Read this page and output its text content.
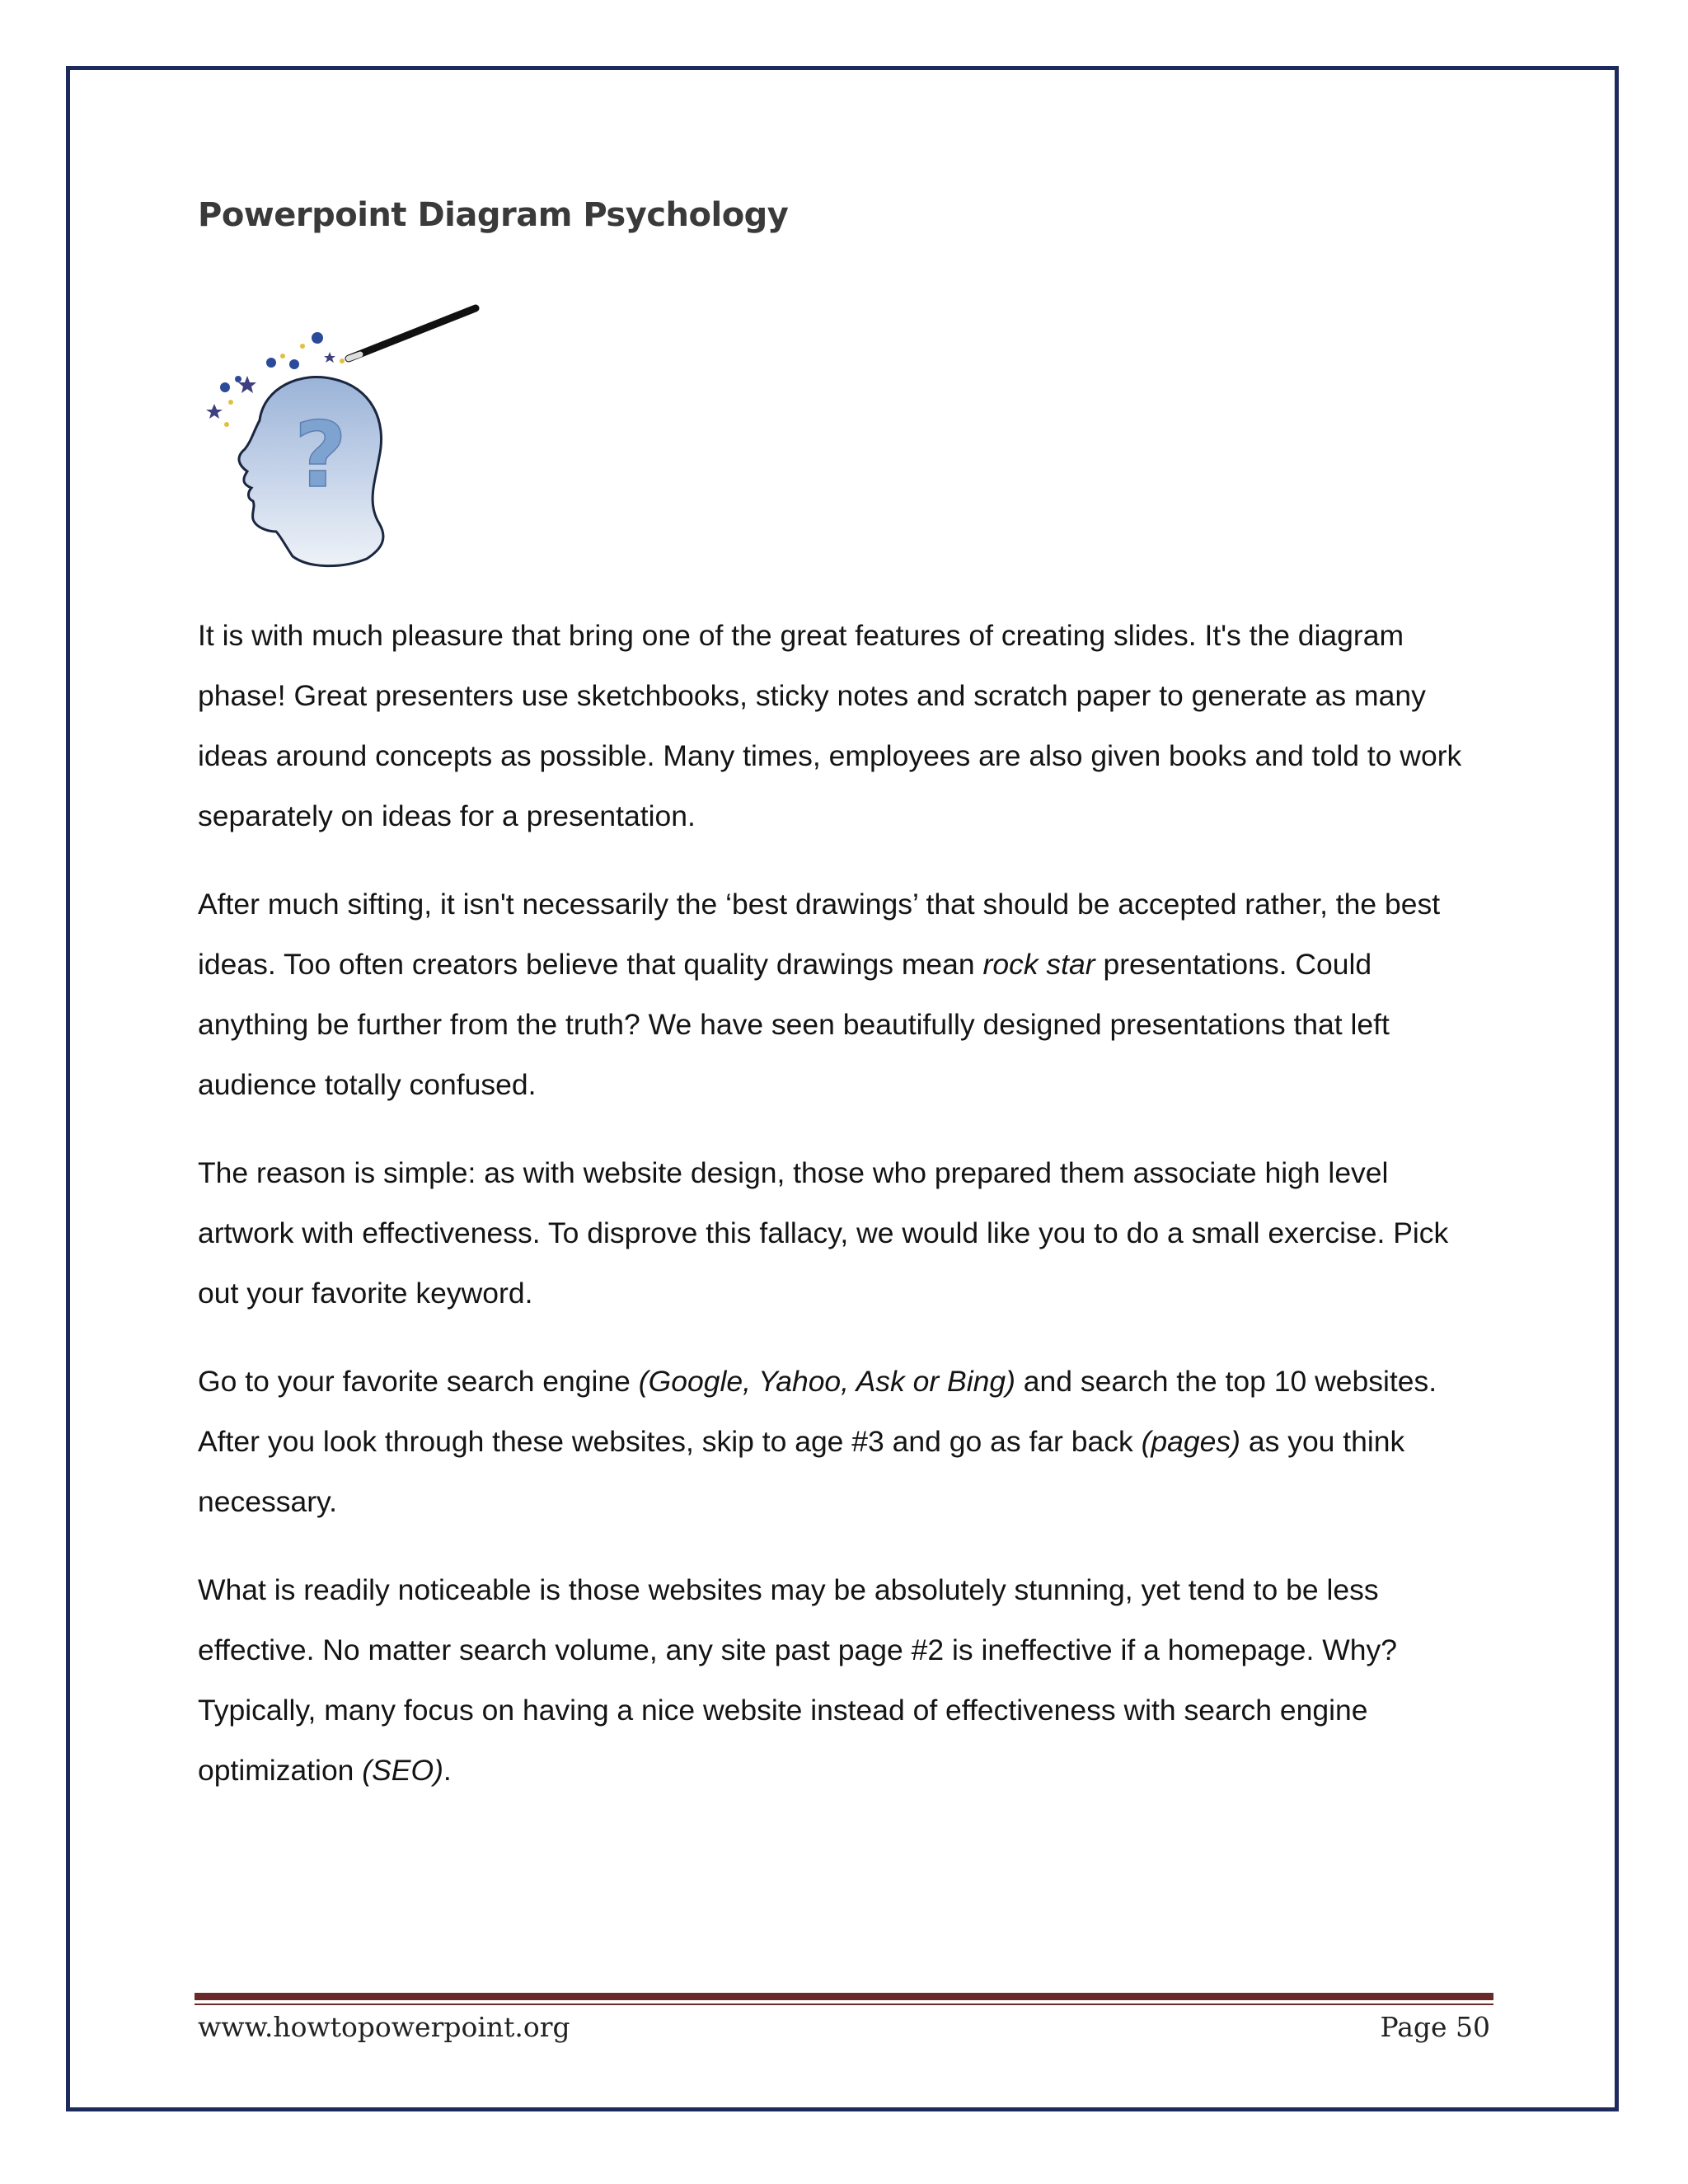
Powerpoint Diagram Psychology
?

It is with much pleasure that bring one of the great features of creating slides. It's the diagram phase! Great presenters use sketchbooks, sticky notes and scratch paper to generate as many ideas around concepts as possible. Many times, employees are also given books and told to work separately on ideas for a presentation.

After much sifting, it isn't necessarily the ‘best drawings’ that should be accepted rather, the best ideas. Too often creators believe that quality drawings mean rock star presentations. Could anything be further from the truth? We have seen beautifully designed presentations that left audience totally confused.

The reason is simple: as with website design, those who prepared them associate high level artwork with effectiveness. To disprove this fallacy, we would like you to do a small exercise. Pick out your favorite keyword.

Go to your favorite search engine (Google, Yahoo, Ask or Bing) and search the top 10 websites. After you look through these websites, skip to age #3 and go as far back (pages) as you think necessary.

What is readily noticeable is those websites may be absolutely stunning, yet tend to be less effective. No matter search volume, any site past page #2 is ineffective if a homepage. Why? Typically, many focus on having a nice website instead of effectiveness with search engine optimization (SEO).

www.howtopowerpoint.org	Page 50
